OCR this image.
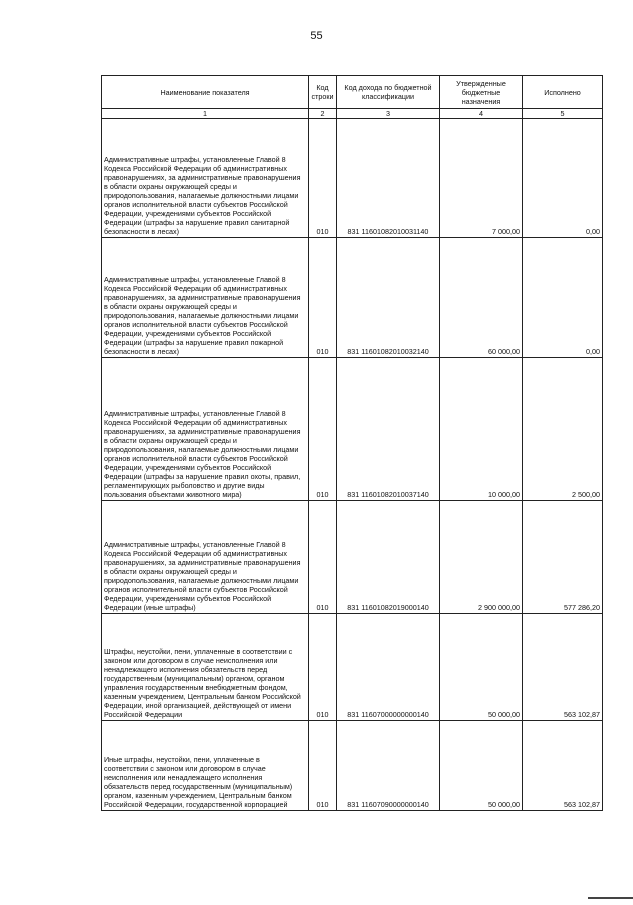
55
Наименование показателя	Код строки	Код дохода по бюджетной классификации	Утвержденные бюджетные назначения	Исполнено
1	2	3	4	5
Административные штрафы, установленные Главой 8 Кодекса Российской Федерации об административных правонарушениях, за административные правонарушения в области охраны окружающей среды и природопользования, налагаемые должностными лицами органов исполнительной власти субъектов Российской Федерации, учреждениями субъектов Российской Федерации (штрафы за нарушение правил санитарной безопасности в лесах)	010	831 11601082010031140	7 000,00	0,00
Административные штрафы, установленные Главой 8 Кодекса Российской Федерации об административных правонарушениях, за административные правонарушения в области охраны окружающей среды и природопользования, налагаемые должностными лицами органов исполнительной власти субъектов Российской Федерации, учреждениями субъектов Российской Федерации (штрафы за нарушение правил пожарной безопасности в лесах)	010	831 11601082010032140	60 000,00	0,00
Административные штрафы, установленные Главой 8 Кодекса Российской Федерации об административных правонарушениях, за административные правонарушения в области охраны окружающей среды и природопользования, налагаемые должностными лицами органов исполнительной власти субъектов Российской Федерации, учреждениями субъектов Российской Федерации (штрафы за нарушение правил охоты, правил, регламентирующих рыболовство и другие виды пользования объектами животного мира)	010	831 11601082010037140	10 000,00	2 500,00
Административные штрафы, установленные Главой 8 Кодекса Российской Федерации об административных правонарушениях, за административные правонарушения в области охраны окружающей среды и природопользования, налагаемые должностными лицами органов исполнительной власти субъектов Российской Федерации, учреждениями субъектов Российской Федерации (иные штрафы)	010	831 11601082019000140	2 900 000,00	577 286,20
Штрафы, неустойки, пени, уплаченные в соответствии с законом или договором в случае неисполнения или ненадлежащего исполнения обязательств перед государственным (муниципальным) органом, органом управления государственным внебюджетным фондом, казенным учреждением, Центральным банком Российской Федерации, иной организацией, действующей от имени Российской Федерации	010	831 11607000000000140	50 000,00	563 102,87
Иные штрафы, неустойки, пени, уплаченные в соответствии с законом или договором в случае неисполнения или ненадлежащего исполнения обязательств перед государственным (муниципальным) органом, казенным учреждением, Центральным банком Российской Федерации, государственной корпорацией	010	831 11607090000000140	50 000,00	563 102,87
